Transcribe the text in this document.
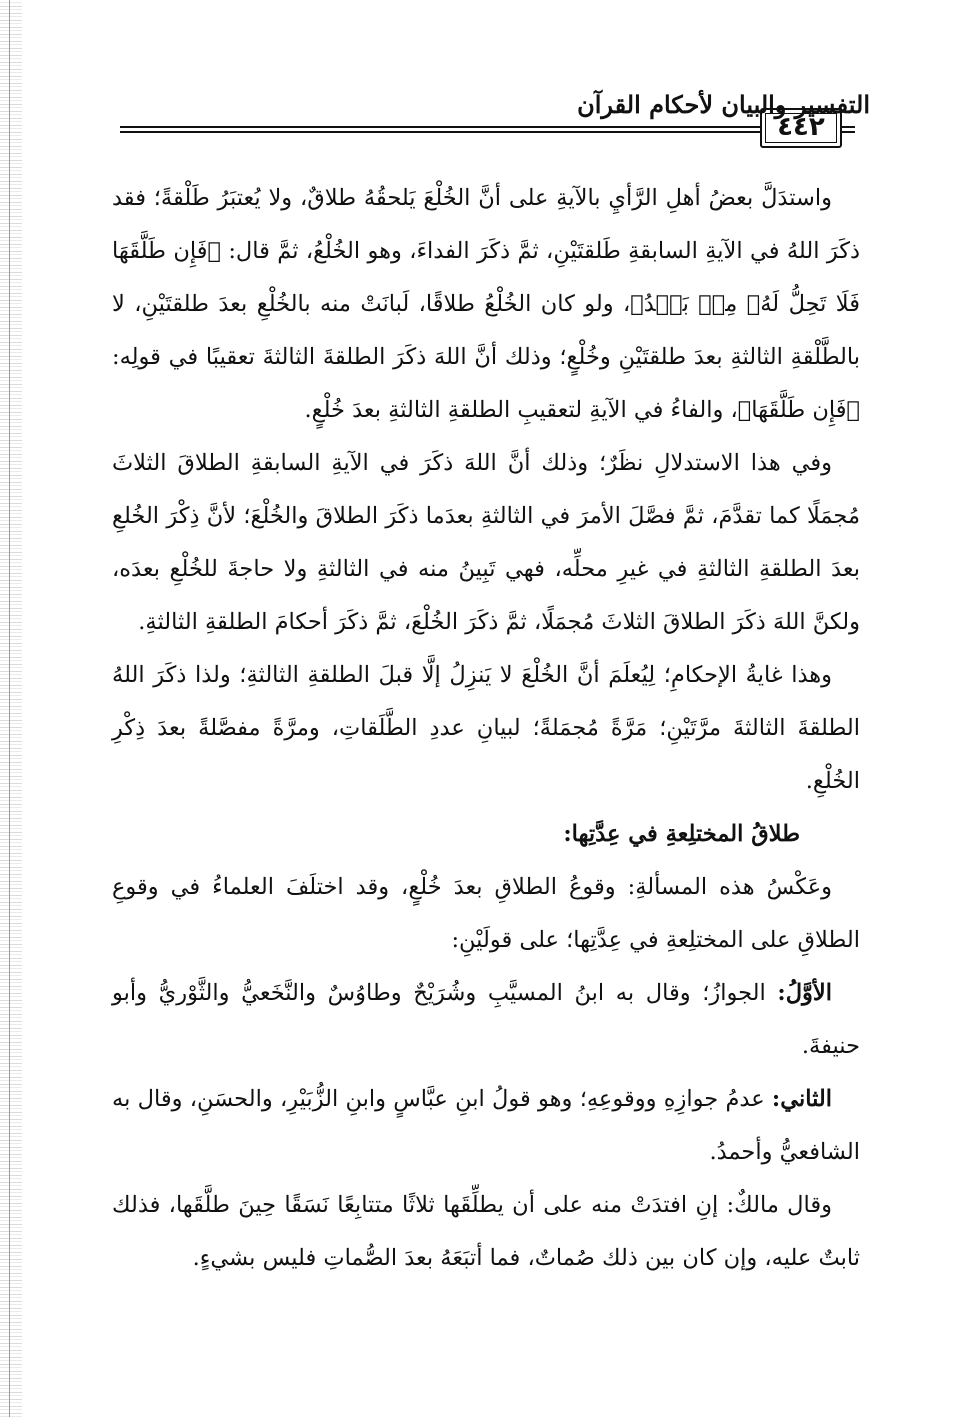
٤٤٢
التفسير والبيان لأحكام القرآن

واستدَلَّ بعضُ أهلِ الرَّأيِ بالآيةِ على أنَّ الخُلْعَ يَلحقُهُ طلاقٌ، ولا يُعتبَرُ طَلْقةً؛ فقد ذكَرَ اللهُ في الآيةِ السابقةِ طَلقتَيْنِ، ثمَّ ذكَرَ الفداءَ، وهو الخُلْعُ، ثمَّ قال: ﴿فَإِن طَلَّقَهَا فَلَا تَحِلُّ لَهُۥ مِنۢ بَعۡدُ﴾، ولو كان الخُلْعُ طلاقًا، لَبانَتْ منه بالخُلْعِ بعدَ طلقتَيْنِ، لا بالطَّلْقةِ الثالثةِ بعدَ طلقتَيْنِ وخُلْعٍ؛ وذلك أنَّ اللهَ ذكَرَ الطلقةَ الثالثةَ تعقيبًا في قولِه: ﴿فَإِن طَلَّقَهَا﴾، والفاءُ في الآيةِ لتعقيبِ الطلقةِ الثالثةِ بعدَ خُلْعٍ.

وفي هذا الاستدلالِ نظَرٌ؛ وذلك أنَّ اللهَ ذكَرَ في الآيةِ السابقةِ الطلاقَ الثلاثَ مُجمَلًا كما تقدَّمَ، ثمَّ فصَّلَ الأمرَ في الثالثةِ بعدَما ذكَرَ الطلاقَ والخُلْعَ؛ لأنَّ ذِكْرَ الخُلعِ بعدَ الطلقةِ الثالثةِ في غيرِ محلِّه، فهي تَبِينُ منه في الثالثةِ ولا حاجةَ للخُلْعِ بعدَه، ولكنَّ اللهَ ذكَرَ الطلاقَ الثلاثَ مُجمَلًا، ثمَّ ذكَرَ الخُلْعَ، ثمَّ ذكَرَ أحكامَ الطلقةِ الثالثةِ.

وهذا غايةُ الإحكامِ؛ لِيُعلَمَ أنَّ الخُلْعَ لا يَنزِلُ إلَّا قبلَ الطلقةِ الثالثةِ؛ ولذا ذكَرَ اللهُ الطلقةَ الثالثةَ مرَّتَيْنِ؛ مَرَّةً مُجمَلةً؛ لبيانِ عددِ الطَّلَقاتِ، ومرَّةً مفصَّلةً بعدَ ذِكْرِ الخُلْعِ.

طلاقُ المختلِعةِ في عِدَّتِها:

وعَكْسُ هذه المسألةِ: وقوعُ الطلاقِ بعدَ خُلْعٍ، وقد اختلَفَ العلماءُ في وقوعِ الطلاقِ على المختلِعةِ في عِدَّتِها؛ على قولَيْنِ:

الأوَّلُ: الجوازُ؛ وقال به ابنُ المسيَّبِ وشُرَيْحٌ وطاوُسٌ والنَّخَعيُّ والثَّوْريُّ وأبو حنيفةَ.

الثاني: عدمُ جوازِهِ ووقوعِهِ؛ وهو قولُ ابنِ عبَّاسٍ وابنِ الزُّبَيْرِ، والحسَنِ، وقال به الشافعيُّ وأحمدُ.

وقال مالكٌ: إنِ افتدَتْ منه على أن يطلِّقَها ثلاثًا متتابِعًا نَسَقًا حِينَ طلَّقَها، فذلك ثابتٌ عليه، وإن كان بين ذلك صُماتٌ، فما أتبَعَهُ بعدَ الصُّماتِ فليس بشيءٍ.
